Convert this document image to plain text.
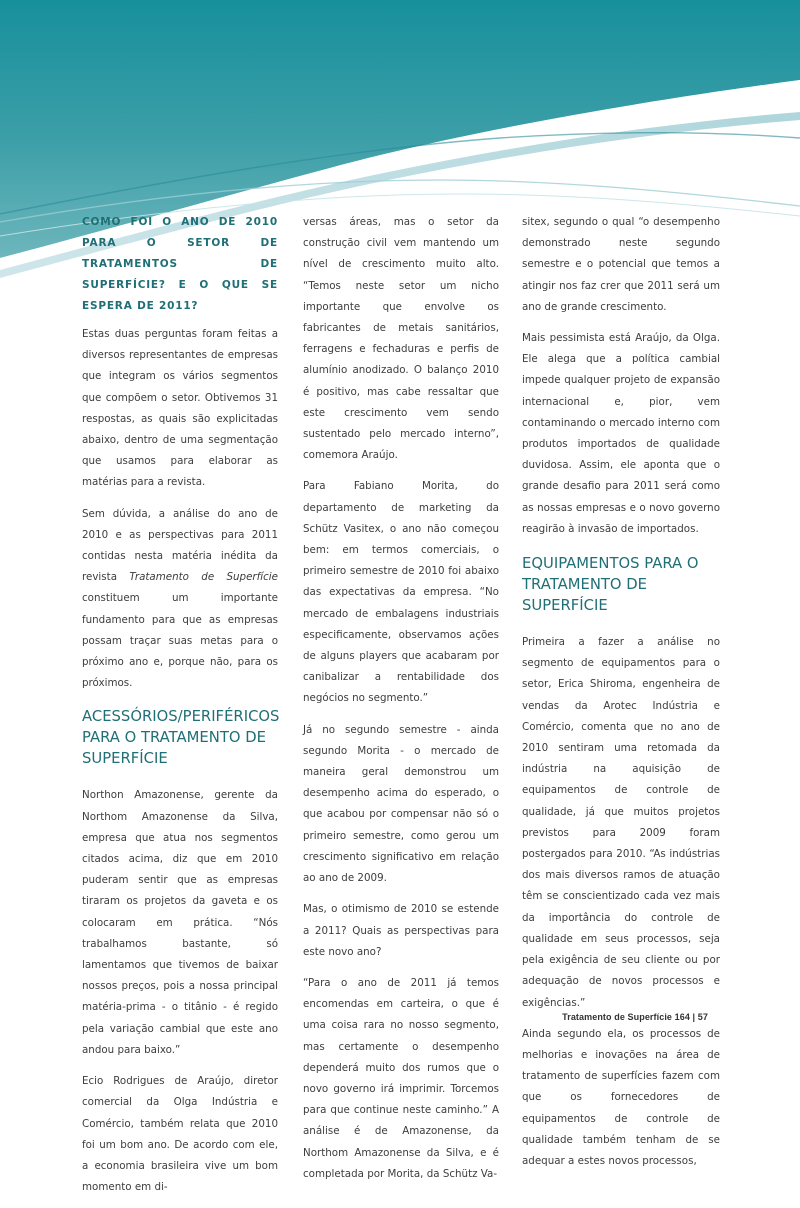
COMO FOI O ANO DE 2010 PARA O SETOR DE TRATAMENTOS DE SUPERFÍCIE? E O QUE SE ESPERA DE 2011?

Estas duas perguntas foram feitas a diversos representantes de empresas que integram os vários segmentos que compõem o setor. Obtivemos 31 respostas, as quais são explicitadas abaixo, dentro de uma segmentação que usamos para elaborar as matérias para a revista.

Sem dúvida, a análise do ano de 2010 e as perspectivas para 2011 contidas nesta matéria inédita da revista Tratamento de Superfície constituem um importante fundamento para que as empresas possam traçar suas metas para o próximo ano e, porque não, para os próximos.

ACESSÓRIOS/PERIFÉRICOS PARA O TRATAMENTO DE SUPERFÍCIE

Northon Amazonense, gerente da Northom Amazonense da Silva, empresa que atua nos segmentos citados acima, diz que em 2010 puderam sentir que as empresas tiraram os projetos da gaveta e os colocaram em prática. “Nós trabalhamos bastante, só lamentamos que tivemos de baixar nossos preços, pois a nossa principal matéria-prima - o titânio - é regido pela variação cambial que este ano andou para baixo.”

Ecio Rodrigues de Araújo, diretor comercial da Olga Indústria e Comércio, também relata que 2010 foi um bom ano. De acordo com ele, a economia brasileira vive um bom momento em di-

versas áreas, mas o setor da construção civil vem mantendo um nível de crescimento muito alto. “Temos neste setor um nicho importante que envolve os fabricantes de metais sanitários, ferragens e fechaduras e perfis de alumínio anodizado. O balanço 2010 é positivo, mas cabe ressaltar que este crescimento vem sendo sustentado pelo mercado interno”, comemora Araújo.

Para Fabiano Morita, do departamento de marketing da Schütz Vasitex, o ano não começou bem: em termos comerciais, o primeiro semestre de 2010 foi abaixo das expectativas da empresa. “No mercado de embalagens industriais especificamente, observamos ações de alguns players que acabaram por canibalizar a rentabilidade dos negócios no segmento.”

Já no segundo semestre - ainda segundo Morita - o mercado de maneira geral demonstrou um desempenho acima do esperado, o que acabou por compensar não só o primeiro semestre, como gerou um crescimento significativo em relação ao ano de 2009.

Mas, o otimismo de 2010 se estende a 2011? Quais as perspectivas para este novo ano?

“Para o ano de 2011 já temos encomendas em carteira, o que é uma coisa rara no nosso segmento, mas certamente o desempenho dependerá muito dos rumos que o novo governo irá imprimir. Torcemos para que continue neste caminho.” A análise é de Amazonense, da Northom Amazonense da Silva, e é completada por Morita, da Schütz Va-

sitex, segundo o qual “o desempenho demonstrado neste segundo semestre e o potencial que temos a atingir nos faz crer que 2011 será um ano de grande crescimento.

Mais pessimista está Araújo, da Olga. Ele alega que a política cambial impede qualquer projeto de expansão internacional e, pior, vem contaminando o mercado interno com produtos importados de qualidade duvidosa. Assim, ele aponta que o grande desafio para 2011 será como as nossas empresas e o novo governo reagirão à invasão de importados.

EQUIPAMENTOS PARA O TRATAMENTO DE SUPERFÍCIE

Primeira a fazer a análise no segmento de equipamentos para o setor, Erica Shiroma, engenheira de vendas da Arotec Indústria e Comércio, comenta que no ano de 2010 sentiram uma retomada da indústria na aquisição de equipamentos de controle de qualidade, já que muitos projetos previstos para 2009 foram postergados para 2010. “As indústrias dos mais diversos ramos de atuação têm se conscientizado cada vez mais da importância do controle de qualidade em seus processos, seja pela exigência de seu cliente ou por adequação de novos processos e exigências.”

Ainda segundo ela, os processos de melhorias e inovações na área de tratamento de superfícies fazem com que os fornecedores de equipamentos de controle de qualidade também tenham de se adequar a estes novos processos,

Tratamento de Superfície 164 | 57
